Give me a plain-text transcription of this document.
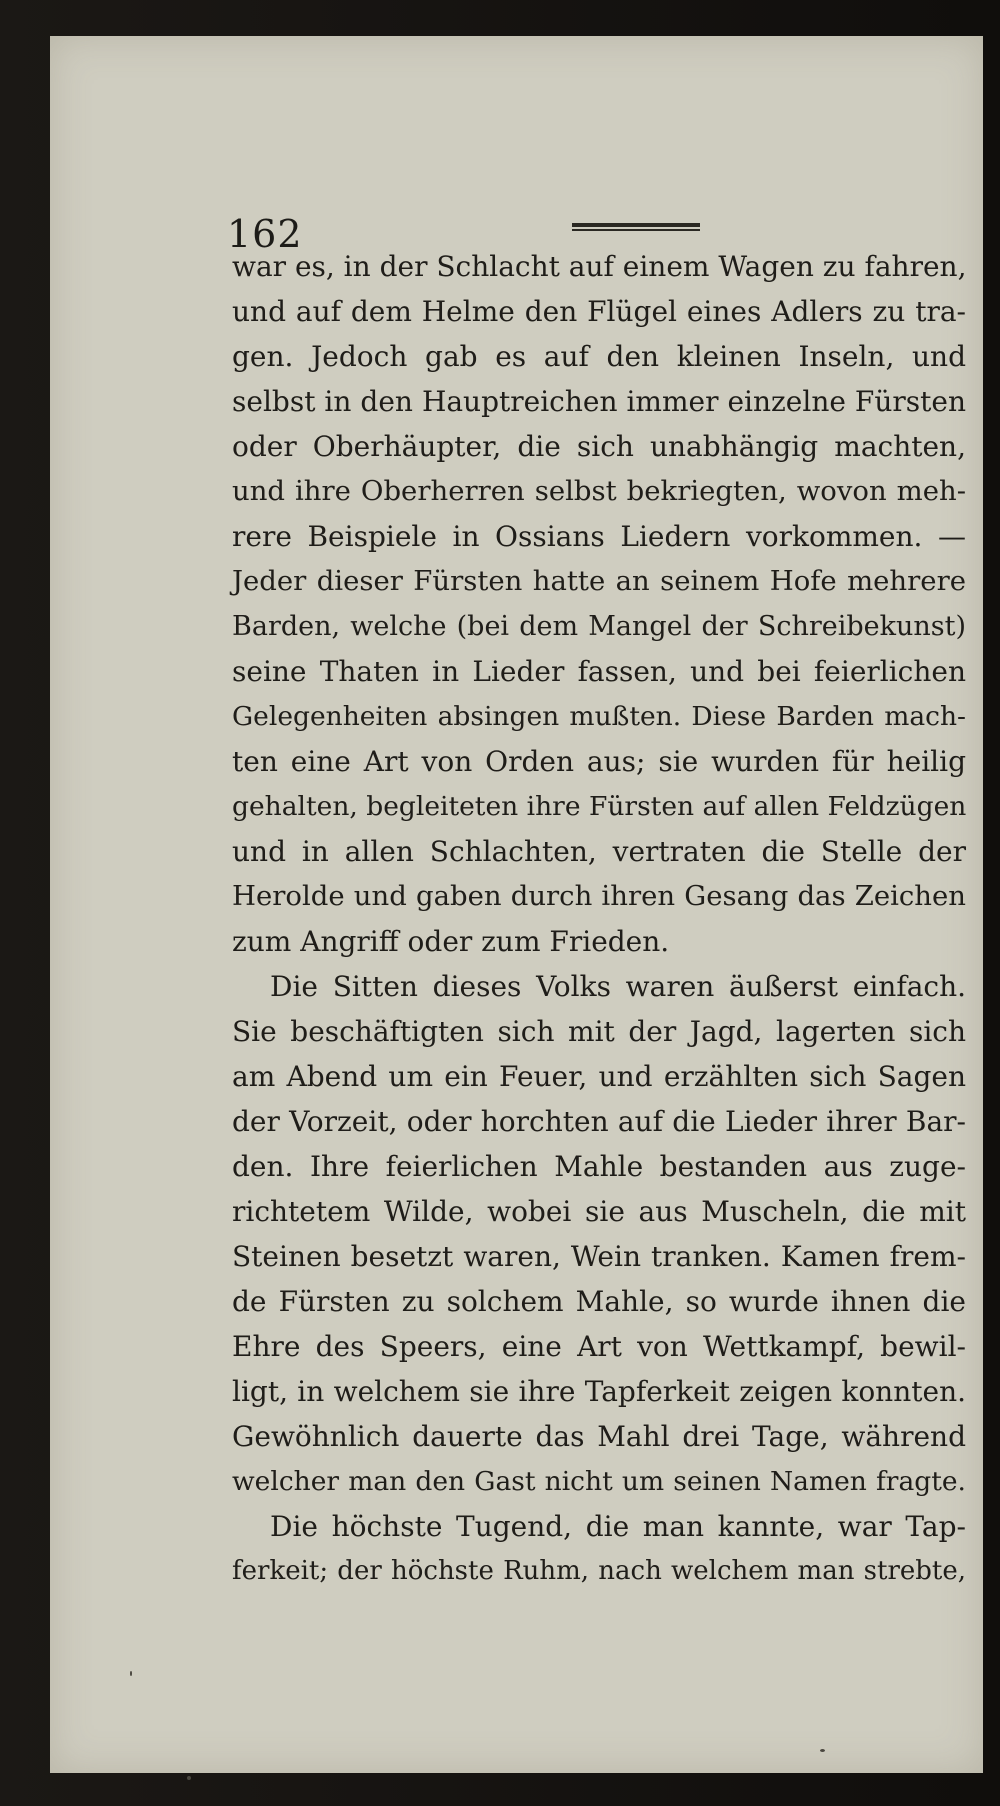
162
war es, in der Schlacht auf einem Wagen zu fahren,
und auf dem Helme den Flügel eines Adlers zu tra-
gen. Jedoch gab es auf den kleinen Inseln, und
selbst in den Hauptreichen immer einzelne Fürsten
oder Oberhäupter, die sich unabhängig machten,
und ihre Oberherren selbst bekriegten, wovon meh-
rere Beispiele in Ossians Liedern vorkommen. —
Jeder dieser Fürsten hatte an seinem Hofe mehrere
Barden, welche (bei dem Mangel der Schreibekunst)
seine Thaten in Lieder fassen, und bei feierlichen
Gelegenheiten absingen mußten. Diese Barden mach-
ten eine Art von Orden aus; sie wurden für heilig
gehalten, begleiteten ihre Fürsten auf allen Feldzügen
und in allen Schlachten, vertraten die Stelle der
Herolde und gaben durch ihren Gesang das Zeichen
zum Angriff oder zum Frieden.
Die Sitten dieses Volks waren äußerst einfach.
Sie beschäftigten sich mit der Jagd, lagerten sich
am Abend um ein Feuer, und erzählten sich Sagen
der Vorzeit, oder horchten auf die Lieder ihrer Bar-
den. Ihre feierlichen Mahle bestanden aus zuge-
richtetem Wilde, wobei sie aus Muscheln, die mit
Steinen besetzt waren, Wein tranken. Kamen frem-
de Fürsten zu solchem Mahle, so wurde ihnen die
Ehre des Speers, eine Art von Wettkampf, bewil-
ligt, in welchem sie ihre Tapferkeit zeigen konnten.
Gewöhnlich dauerte das Mahl drei Tage, während
welcher man den Gast nicht um seinen Namen fragte.
Die höchste Tugend, die man kannte, war Tap-
ferkeit; der höchste Ruhm, nach welchem man strebte,
